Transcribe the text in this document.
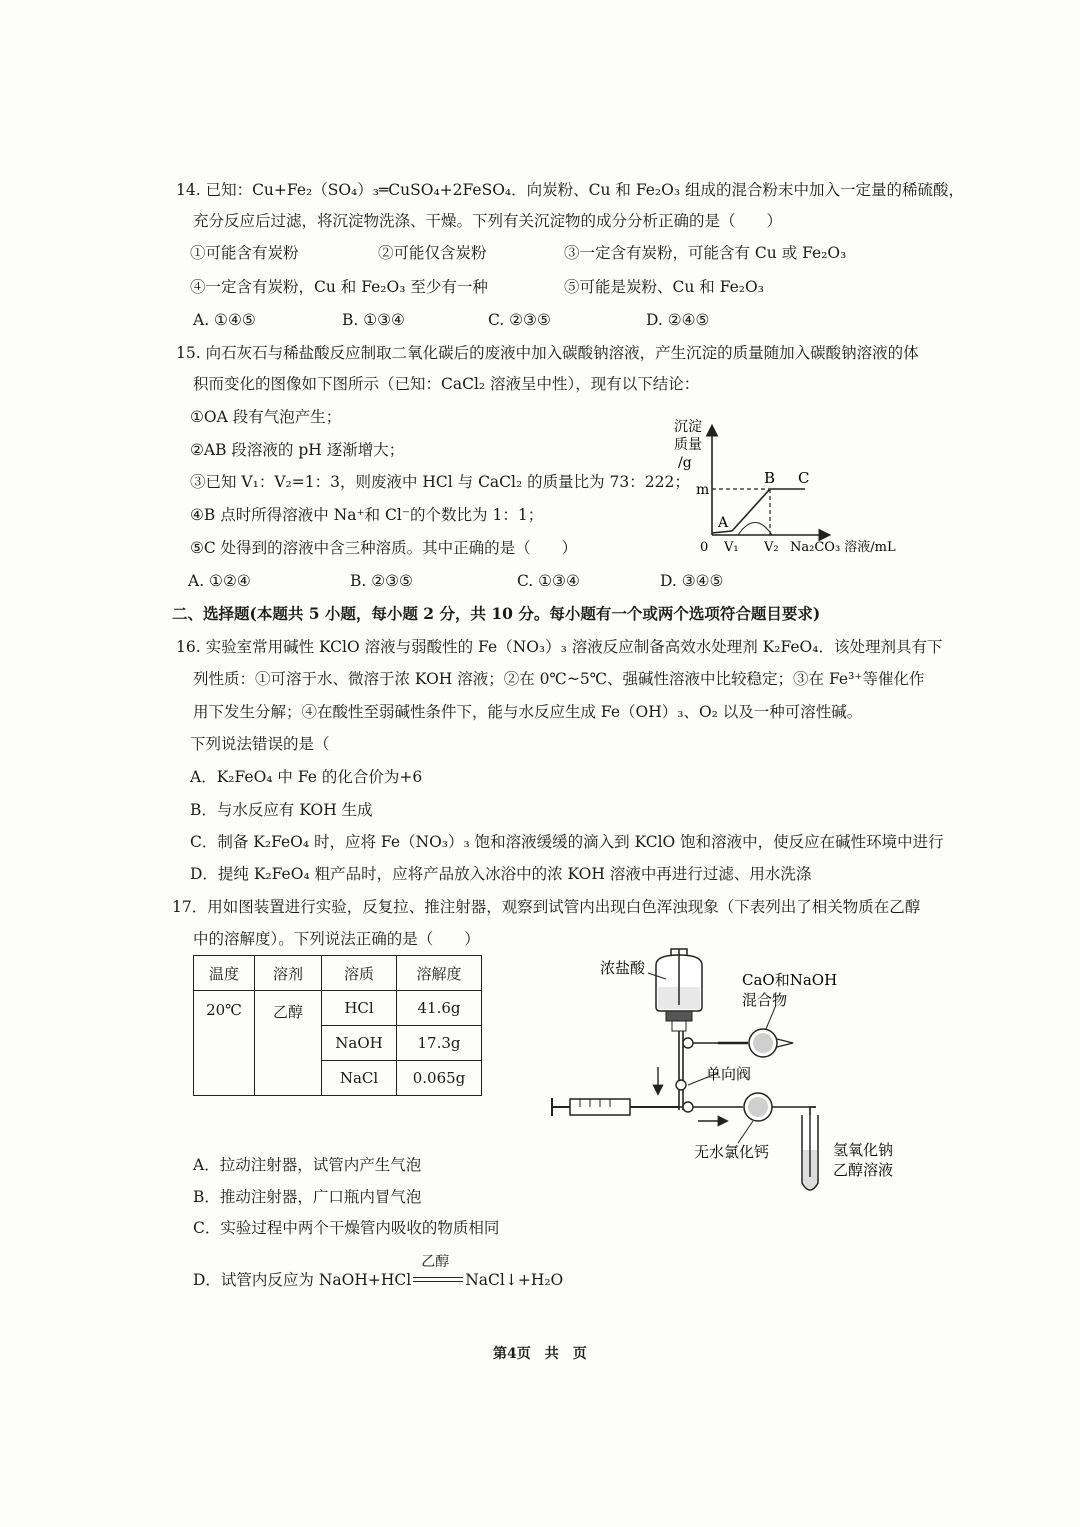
14. 已知：Cu+Fe₂（SO₄）₃═CuSO₄+2FeSO₄．向炭粉、Cu 和 Fe₂O₃ 组成的混合粉末中加入一定量的稀硫酸，
充分反应后过滤，将沉淀物洗涤、干燥。下列有关沉淀物的成分分析正确的是（　　）
①可能含有炭粉	②可能仅含炭粉	③一定含有炭粉，可能含有 Cu 或 Fe₂O₃
④一定含有炭粉，Cu 和 Fe₂O₃ 至少有一种	⑤可能是炭粉、Cu 和 Fe₂O₃
A. ①④⑤	B. ①③④	C. ②③⑤	D. ②④⑤
15. 向石灰石与稀盐酸反应制取二氧化碳后的废液中加入碳酸钠溶液，产生沉淀的质量随加入碳酸钠溶液的体
积而变化的图像如下图所示（已知：CaCl₂ 溶液呈中性），现有以下结论：
①OA 段有气泡产生；
②AB 段溶液的 pH 逐渐增大；
③已知 V₁：V₂=1：3，则废液中 HCl 与 CaCl₂ 的质量比为 73：222；
④B 点时所得溶液中 Na⁺和 Cl⁻的个数比为 1：1；
⑤C 处得到的溶液中含三种溶质。其中正确的是（　　）
A. ①②④	B. ②③⑤	C. ①③④	D. ③④⑤
沉淀
质量
/g
m
B C
A
0 V₁ V₂ Na₂CO₃ 溶液/mL
二、选择题(本题共 5 小题，每小题 2 分，共 10 分。每小题有一个或两个选项符合题目要求)
16. 实验室常用碱性 KClO 溶液与弱酸性的 Fe（NO₃）₃ 溶液反应制备高效水处理剂 K₂FeO₄．该处理剂具有下
列性质：①可溶于水、微溶于浓 KOH 溶液；②在 0℃~5℃、强碱性溶液中比较稳定；③在 Fe³⁺等催化作
用下发生分解；④在酸性至弱碱性条件下，能与水反应生成 Fe（OH）₃、O₂ 以及一种可溶性碱。
下列说法错误的是（
A．K₂FeO₄ 中 Fe 的化合价为+6
B．与水反应有 KOH 生成
C．制备 K₂FeO₄ 时，应将 Fe（NO₃）₃ 饱和溶液缓缓的滴入到 KClO 饱和溶液中，使反应在碱性环境中进行
D．提纯 K₂FeO₄ 粗产品时，应将产品放入冰浴中的浓 KOH 溶液中再进行过滤、用水洗涤
17．用如图装置进行实验，反复拉、推注射器，观察到试管内出现白色浑浊现象（下表列出了相关物质在乙醇
中的溶解度）。下列说法正确的是（　　）
温度	溶剂	溶质	溶解度
20℃	乙醇	HCl	41.6g
		NaOH	17.3g
		NaCl	0.065g
浓盐酸
CaO和NaOH
混合物
单向阀
无水氯化钙	氢氧化钠
乙醇溶液
A．拉动注射器，试管内产生气泡
B．推动注射器，广口瓶内冒气泡
C．实验过程中两个干燥管内吸收的物质相同
D．试管内反应为 NaOH+HCl
乙醇
NaCl↓+H₂O
第4页　共　页
